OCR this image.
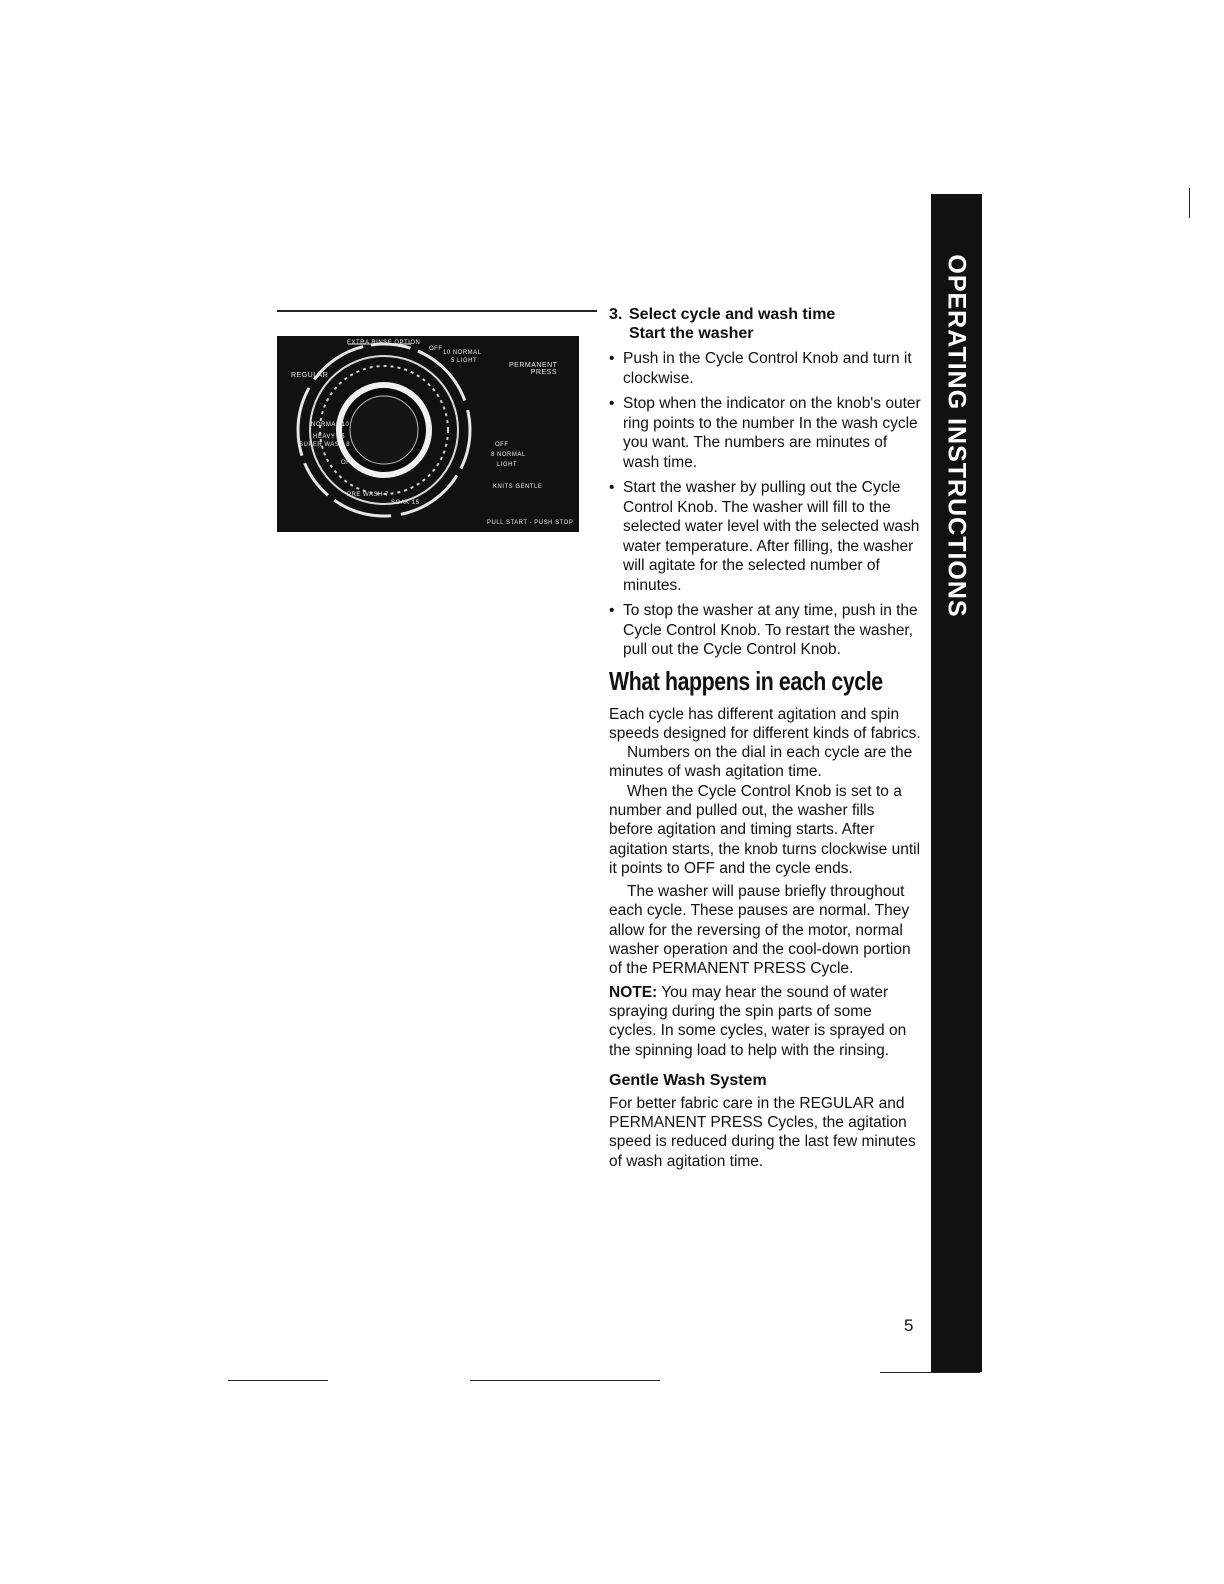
EXTRA RINSE OPTION
OFF
10 NORMAL
5 LIGHT
REGULAR
PERMANENT PRESS
NORMAL 10
HEAVY 15
SUPER WASH 8
OFF
OFF
8 NORMAL
LIGHT
KNITS GENTLE
PRE WASH 7
SOAK 15
PULL START - PUSH STOP
3. Select cycle and wash time
Start the washer
• Push in the Cycle Control Knob and turn it clockwise.
• Stop when the indicator on the knob's outer ring points to the number In the wash cycle you want. The numbers are minutes of wash time.
• Start the washer by pulling out the Cycle Control Knob. The washer will fill to the selected water level with the selected wash water temperature. After filling, the washer will agitate for the selected number of minutes.
• To stop the washer at any time, push in the Cycle Control Knob. To restart the washer, pull out the Cycle Control Knob.
What happens in each cycle

Each cycle has different agitation and spin speeds designed for different kinds of fabrics.

Numbers on the dial in each cycle are the minutes of wash agitation time.

When the Cycle Control Knob is set to a number and pulled out, the washer fills before agitation and timing starts. After agitation starts, the knob turns clockwise until it points to OFF and the cycle ends.

The washer will pause briefly throughout each cycle. These pauses are normal. They allow for the reversing of the motor, normal washer operation and the cool-down portion of the PERMANENT PRESS Cycle.

NOTE: You may hear the sound of water spraying during the spin parts of some cycles. In some cycles, water is sprayed on the spinning load to help with the rinsing.

Gentle Wash System

For better fabric care in the REGULAR and PERMANENT PRESS Cycles, the agitation speed is reduced during the last few minutes of wash agitation time.

OPERATING INSTRUCTIONS
5
